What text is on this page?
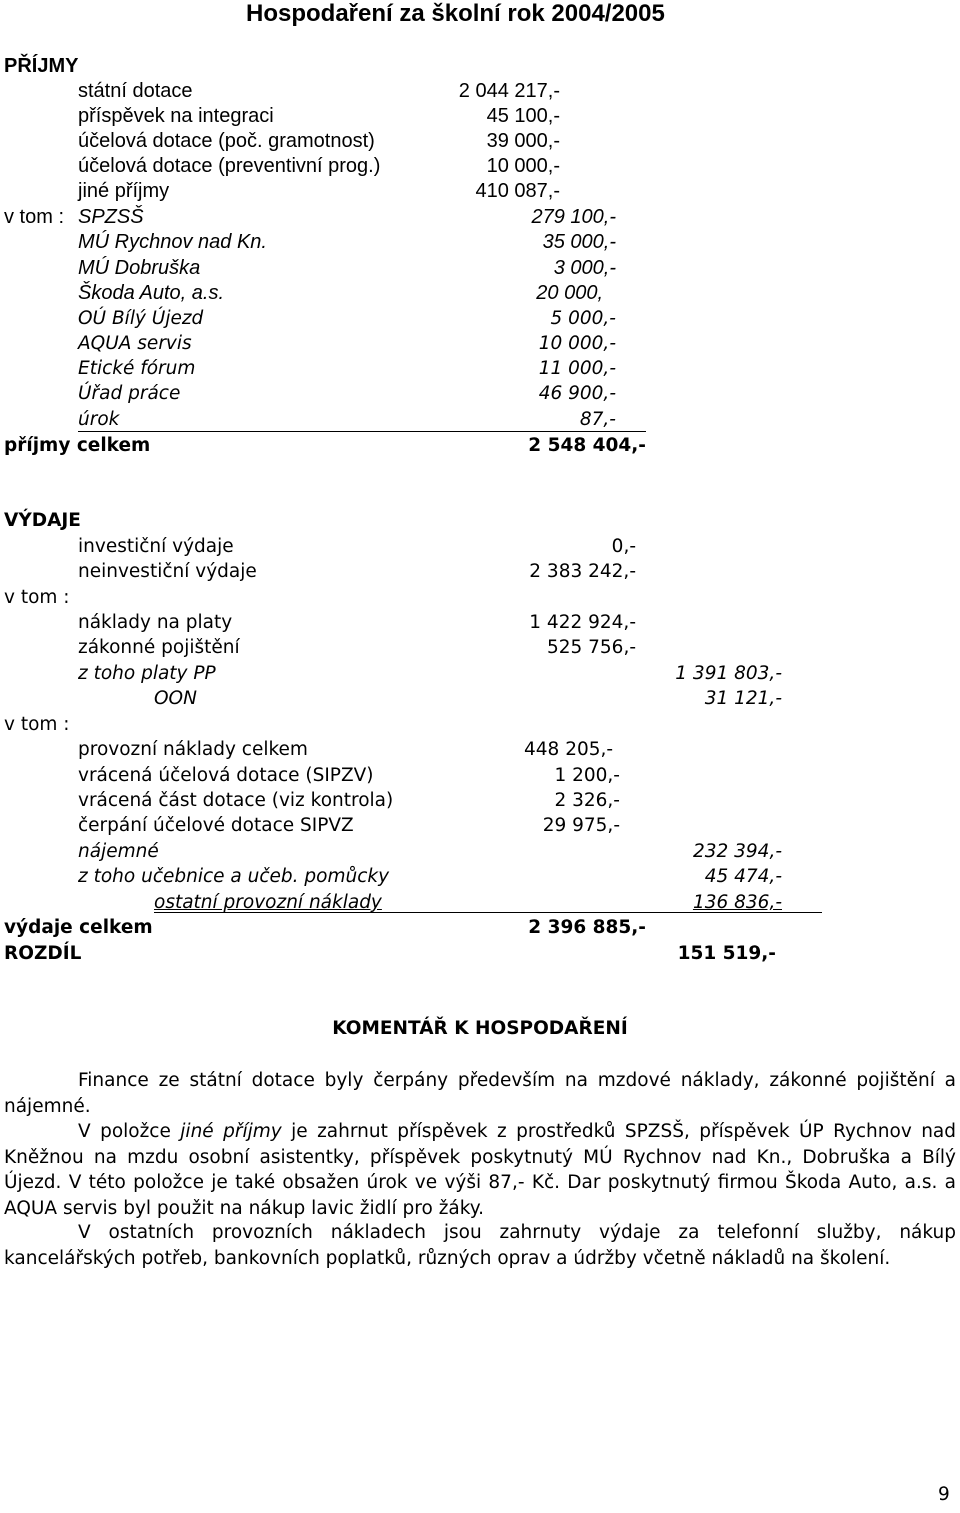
Hospodaření za školní rok 2004/2005
PŘÍJMY
státní dotace	2 044 217,-
příspěvek na integraci	45 100,-
účelová dotace (poč. gramotnost)	39 000,-
účelová dotace (preventivní prog.)	10 000,-
jiné příjmy	410 087,-
v tom : SPZSŠ	279 100,-
MÚ Rychnov nad Kn.	35 000,-
MÚ Dobruška	3 000,-
Škoda Auto, a.s.	20 000,
OÚ Bílý Újezd	5 000,-
AQUA servis	10 000,-
Etické fórum	11 000,-
Úřad práce	46 900,-
úrok	87,-
příjmy celkem	2 548 404,-
VÝDAJE
investiční výdaje	0,-
neinvestiční výdaje	2 383 242,-
v tom :
náklady na platy	1 422 924,-
zákonné pojištění	525 756,-
z toho platy PP	1 391 803,-
OON	31 121,-
v tom :
provozní náklady celkem	448 205,-
vrácená účelová dotace (SIPZV)	1 200,-
vrácená část dotace (viz kontrola)	2 326,-
čerpání účelové dotace SIPVZ	29 975,-
nájemné	232 394,-
z toho učebnice a učeb. pomůcky	45 474,-
ostatní provozní náklady	136 836,-
výdaje celkem	2 396 885,-
ROZDÍL	151 519,-
KOMENTÁŘ K HOSPODAŘENÍ
Finance ze státní dotace byly čerpány především na mzdové náklady, zákonné pojištění a nájemné.
V položce jiné příjmy je zahrnut příspěvek z prostředků SPZSŠ, příspěvek ÚP Rychnov nad Kněžnou na mzdu osobní asistentky, příspěvek poskytnutý MÚ Rychnov nad Kn., Dobruška a Bílý Újezd. V této položce je také obsažen úrok ve výši 87,- Kč. Dar poskytnutý firmou Škoda Auto, a.s. a AQUA servis byl použit na nákup lavic židlí pro žáky.
V ostatních provozních nákladech jsou zahrnuty výdaje za telefonní služby, nákup kancelářských potřeb, bankovních poplatků, různých oprav a údržby včetně nákladů na školení.
9
